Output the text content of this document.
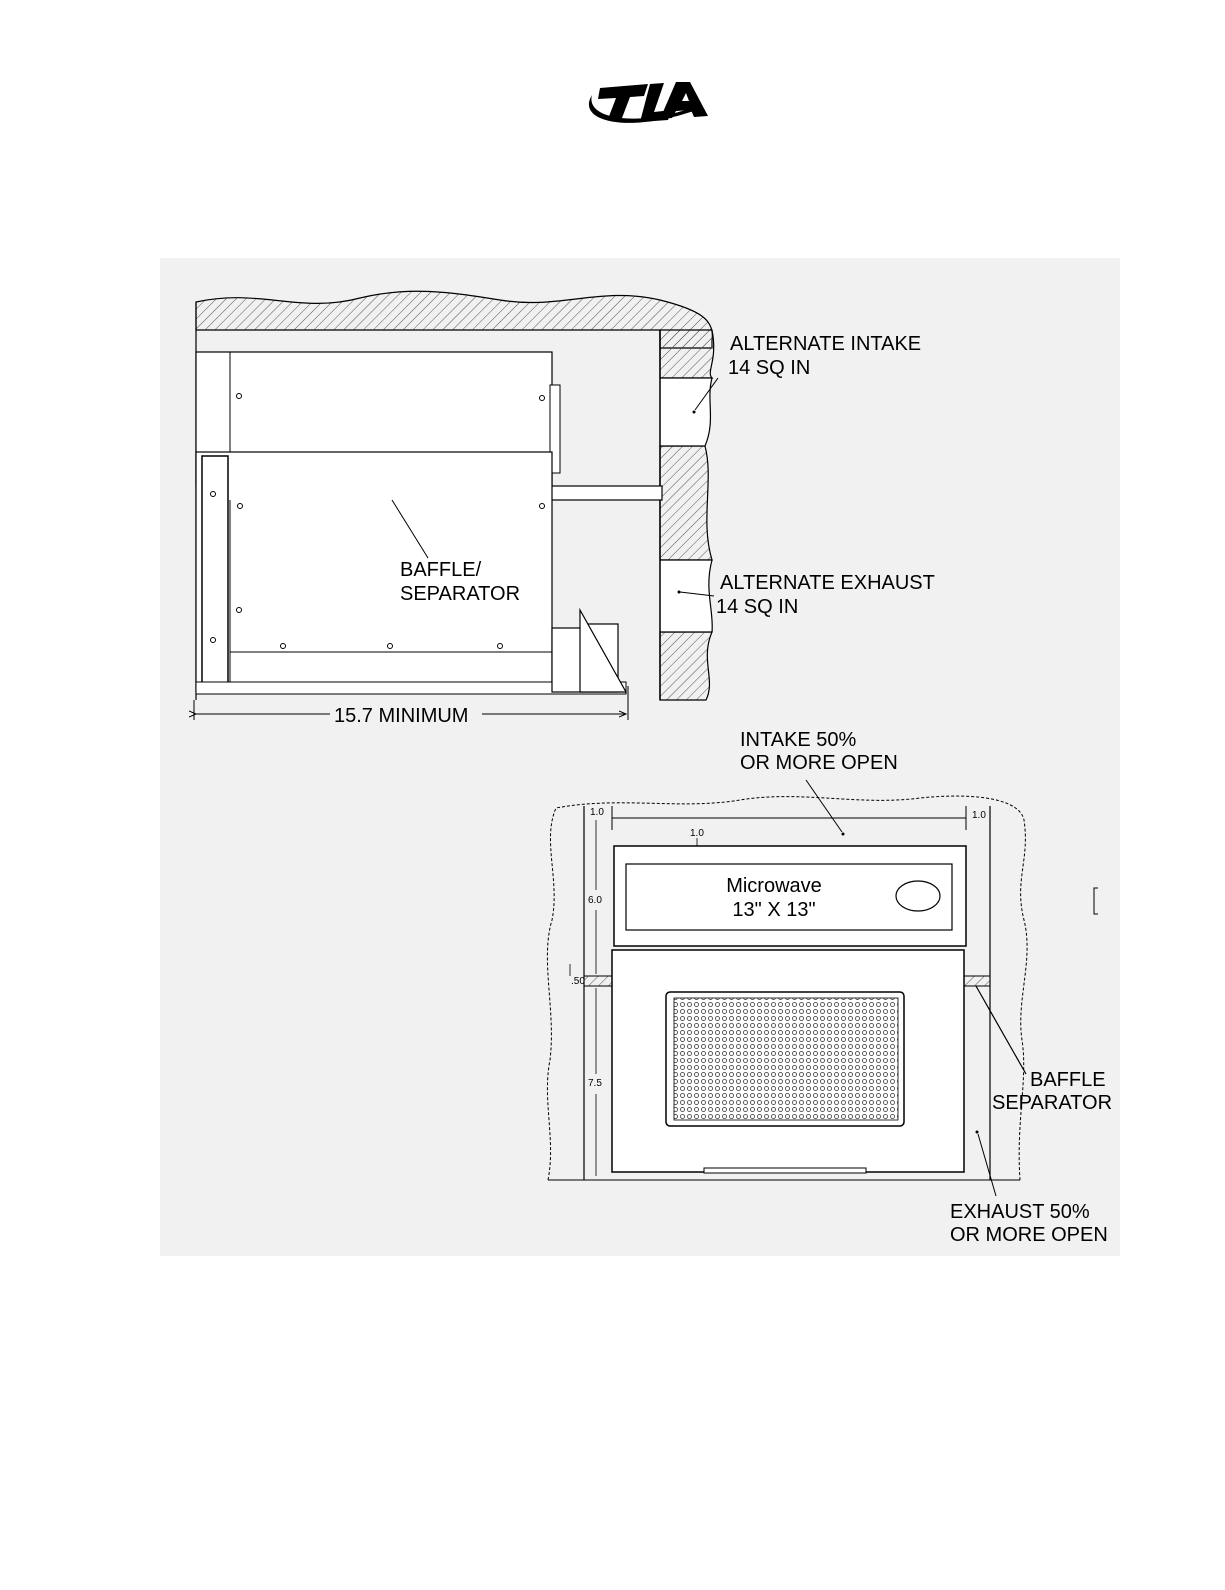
15.7 MINIMUM
ALTERNATE INTAKE
14 SQ IN
ALTERNATE EXHAUST
14 SQ IN
BAFFLE/
SEPARATOR
Microwave
13" X 13"
1.0	1.0
1.0
6.0
.50
7.5
INTAKE 50%
OR MORE OPEN
BAFFLE
SEPARATOR
EXHAUST 50%
OR MORE OPEN
